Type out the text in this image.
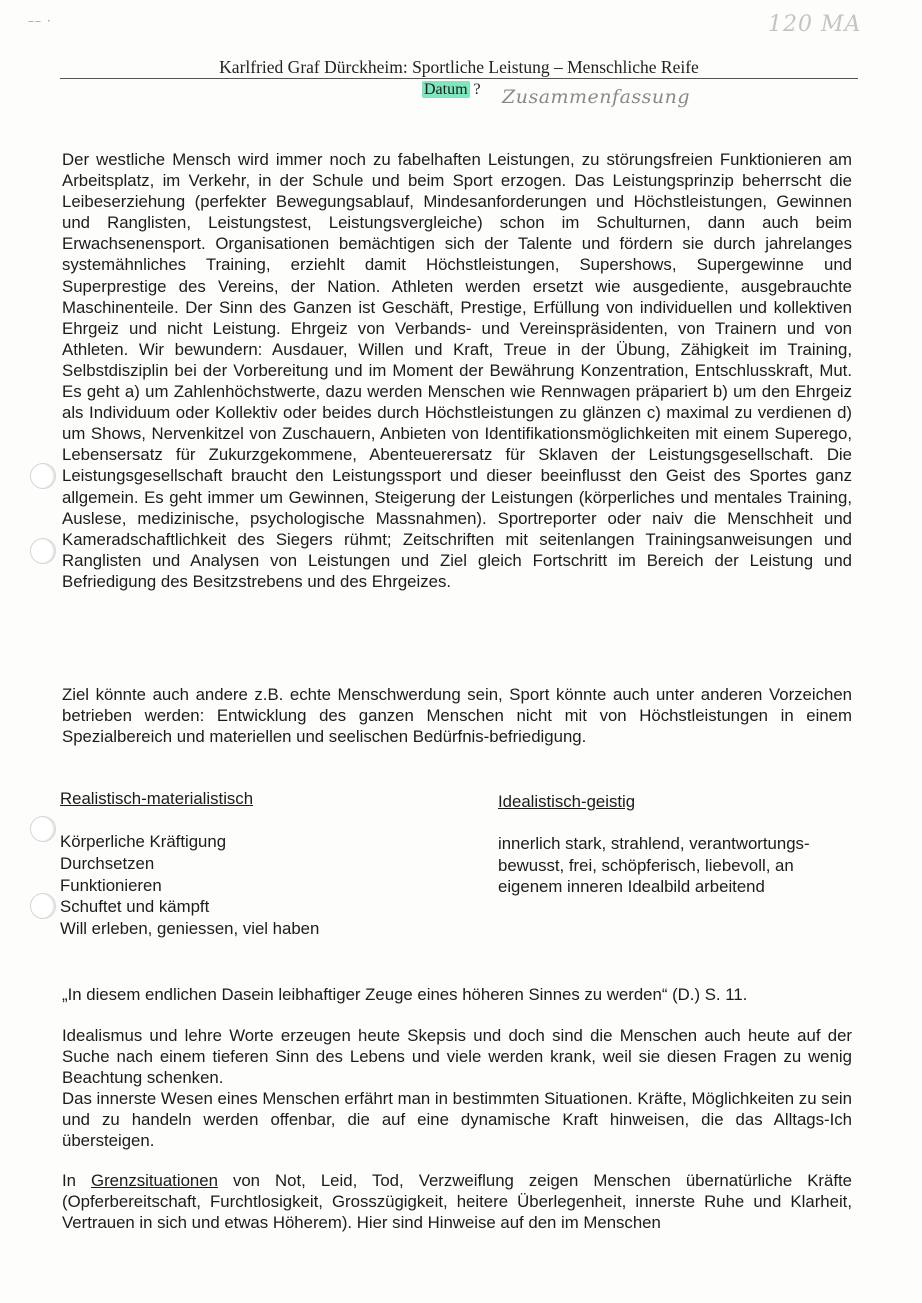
–– ·	120 MA
Karlfried Graf Dürckheim: Sportliche Leistung – Menschliche Reife
Datum ? Zusammenfassung

Der westliche Mensch wird immer noch zu fabelhaften Leistungen, zu störungsfreien Funktionieren am Arbeitsplatz, im Verkehr, in der Schule und beim Sport erzogen. Das Leistungsprinzip beherrscht die Leibeserziehung (perfekter Bewegungsablauf, Mindesanforderungen und Höchstleistungen, Gewinnen und Ranglisten, Leistungstest, Leistungsvergleiche) schon im Schulturnen, dann auch beim Erwachsenensport. Organisationen bemächtigen sich der Talente und fördern sie durch jahrelanges systemähnliches Training, erziehlt damit Höchstleistungen, Supershows, Supergewinne und Superprestige des Vereins, der Nation. Athleten werden ersetzt wie ausgediente, ausgebrauchte Maschinenteile. Der Sinn des Ganzen ist Geschäft, Prestige, Erfüllung von individuellen und kollektiven Ehrgeiz und nicht Leistung. Ehrgeiz von Verbands- und Vereinspräsidenten, von Trainern und von Athleten. Wir bewundern: Ausdauer, Willen und Kraft, Treue in der Übung, Zähigkeit im Training, Selbstdisziplin bei der Vorbereitung und im Moment der Bewährung Konzentration, Entschlusskraft, Mut. Es geht a) um Zahlenhöchstwerte, dazu werden Menschen wie Rennwagen präpariert b) um den Ehrgeiz als Individuum oder Kollektiv oder beides durch Höchstleistungen zu glänzen c) maximal zu verdienen d) um Shows, Nervenkitzel von Zuschauern, Anbieten von Identifikationsmöglichkeiten mit einem Superego, Lebensersatz für Zukurzgekommene, Abenteuerersatz für Sklaven der Leistungsgesellschaft. Die Leistungsgesellschaft braucht den Leistungssport und dieser beeinflusst den Geist des Sportes ganz allgemein. Es geht immer um Gewinnen, Steigerung der Leistungen (körperliches und mentales Training, Auslese, medizinische, psychologische Massnahmen). Sportreporter oder naiv die Menschheit und Kameradschaftlichkeit des Siegers rühmt; Zeitschriften mit seitenlangen Trainingsanweisungen und Ranglisten und Analysen von Leistungen und Ziel gleich Fortschritt im Bereich der Leistung und Befriedigung des Besitzstrebens und des Ehrgeizes.

Ziel könnte auch andere z.B. echte Menschwerdung sein, Sport könnte auch unter anderen Vorzeichen betrieben werden: Entwicklung des ganzen Menschen nicht mit von Höchstleistungen in einem Spezialbereich und materiellen und seelischen Bedürfnis-befriedigung.

Realistisch-materialistisch	Idealistisch-geistig
Körperliche Kräftigung
Durchsetzen
Funktionieren
Schuftet und kämpft
Will erleben, geniessen, viel haben
innerlich stark, strahlend, verantwortungs-
bewusst, frei, schöpferisch, liebevoll, an
eigenem inneren Idealbild arbeitend
„In diesem endlichen Dasein leibhaftiger Zeuge eines höheren Sinnes zu werden“ (D.) S. 11.
Idealismus und lehre Worte erzeugen heute Skepsis und doch sind die Menschen auch heute auf der Suche nach einem tieferen Sinn des Lebens und viele werden krank, weil sie diesen Fragen zu wenig Beachtung schenken.
Das innerste Wesen eines Menschen erfährt man in bestimmten Situationen. Kräfte, Möglichkeiten zu sein und zu handeln werden offenbar, die auf eine dynamische Kraft hinweisen, die das Alltags-Ich übersteigen.

In Grenzsituationen von Not, Leid, Tod, Verzweiflung zeigen Menschen übernatürliche Kräfte (Opferbereitschaft, Furchtlosigkeit, Grosszügigkeit, heitere Überlegenheit, innerste Ruhe und Klarheit, Vertrauen in sich und etwas Höherem). Hier sind Hinweise auf den im Menschen
